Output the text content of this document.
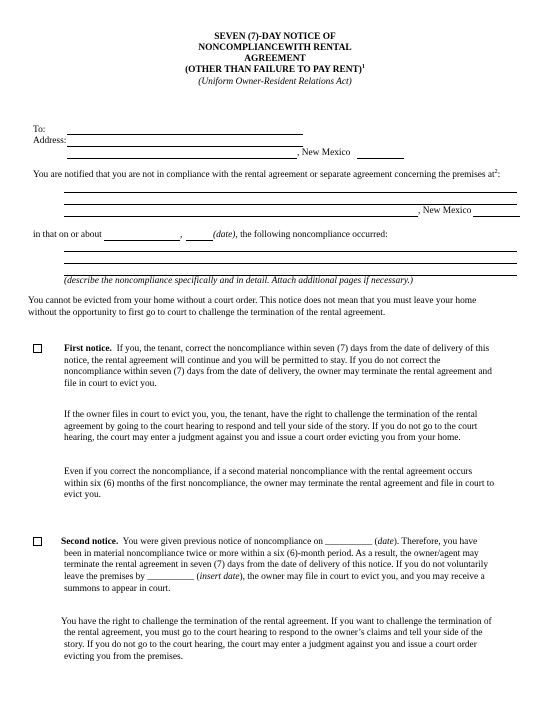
SEVEN (7)-DAY NOTICE OF
NONCOMPLIANCEWITH RENTAL
AGREEMENT
(OTHER THAN FAILURE TO PAY RENT)$^1$
(Uniform Owner-Resident Relations Act)
To:
Address:
, New Mexico
You are notified that you are not in compliance with the rental agreement or separate agreement concerning the premises $at^2$:
, New Mexico
in that on or about	,	(date), the following noncompliance occurred:
(describe the noncompliance specifically and in detail. Attach additional pages if necessary.)
You cannot be evicted from your home without a court order. This notice does not mean that you must leave your home
without the opportunity to first go to court to challenge the termination of the rental agreement.
First notice. If you, the tenant, correct the noncompliance within seven (7) days from the date of delivery of this
notice, the rental agreement will continue and you will be permitted to stay. If you do not correct the
noncompliance within seven (7) days from the date of delivery, the owner may terminate the rental agreement and
file in court to evict you.
If the owner files in court to evict you, you, the tenant, have the right to challenge the termination of the rental
agreement by going to the court hearing to respond and tell your side of the story. If you do not go to the court
hearing, the court may enter a judgment against you and issue a court order evicting you from your home.
Even if you correct the noncompliance, if a second material noncompliance with the rental agreement occurs
within six (6) months of the first noncompliance, the owner may terminate the rental agreement and file in court to
evict you.
Second notice. You were given previous notice of noncompliance on __________ (date). Therefore, you have
been in material noncompliance twice or more within a six (6)-month period. As a result, the owner/agent may
terminate the rental agreement in seven (7) days from the date of delivery of this notice. If you do not voluntarily
leave the premises by __________ (insert date), the owner may file in court to evict you, and you may receive a
summons to appear in court.
You have the right to challenge the termination of the rental agreement. If you want to challenge the termination of
the rental agreement, you must go to the court hearing to respond to the owner’s claims and tell your side of the
story. If you do not go to the court hearing, the court may enter a judgment against you and issue a court order
evicting you from the premises.
